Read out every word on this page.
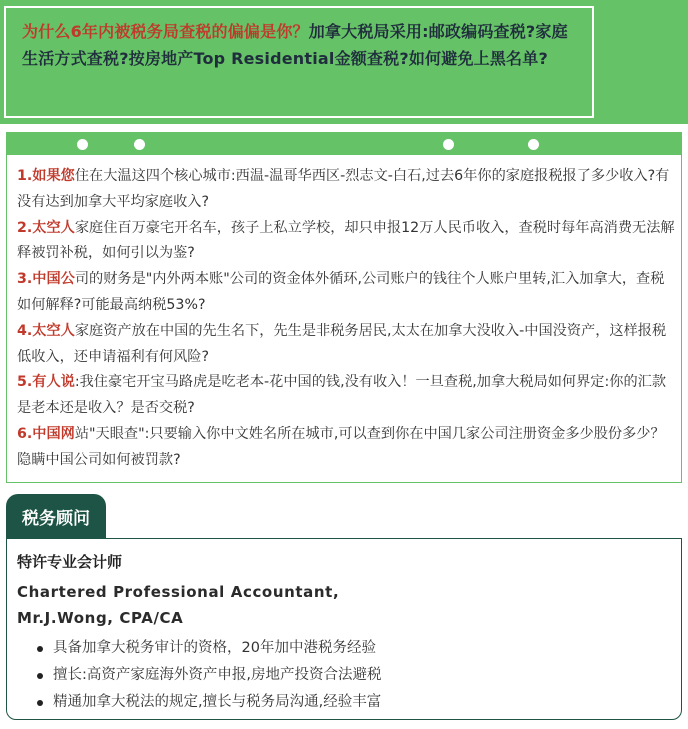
为什么6年内被税务局查税的偏偏是你？加拿大税局采用:邮政编码查税?家庭生活方式查税?按房地产Top Residential金额查税?如何避免上黑名单?
1.如果您住在大温这四个核心城市:西温-温哥华西区-烈志文-白石,过去6年你的家庭报税报了多少收入?有没有达到加拿大平均家庭收入?
2.太空人家庭住百万豪宅开名车，孩子上私立学校，却只申报12万人民币收入，查税时每年高消费无法解释被罚补税，如何引以为鉴?
3.中国公司的财务是"内外两本账"公司的资金体外循环,公司账户的钱往个人账户里转,汇入加拿大，查税如何解释?可能最高纳税53%?
4.太空人家庭资产放在中国的先生名下，先生是非税务居民,太太在加拿大没收入-中国没资产，这样报税低收入，还申请福利有何风险?
5.有人说:我住豪宅开宝马路虎是吃老本-花中国的钱,没有收入！一旦查税,加拿大税局如何界定:你的汇款是老本还是收入？是否交税?
6.中国网站"天眼查":只要输入你中文姓名所在城市,可以查到你在中国几家公司注册资金多少股份多少？隐瞒中国公司如何被罚款?
税务顾问
特许专业会计师
Chartered Professional Accountant,
Mr.J.Wong, CPA/CA
具备加拿大税务审计的资格，20年加中港税务经验
擅长:高资产家庭海外资产申报,房地产投资合法避税
精通加拿大税法的规定,擅长与税务局沟通,经验丰富
